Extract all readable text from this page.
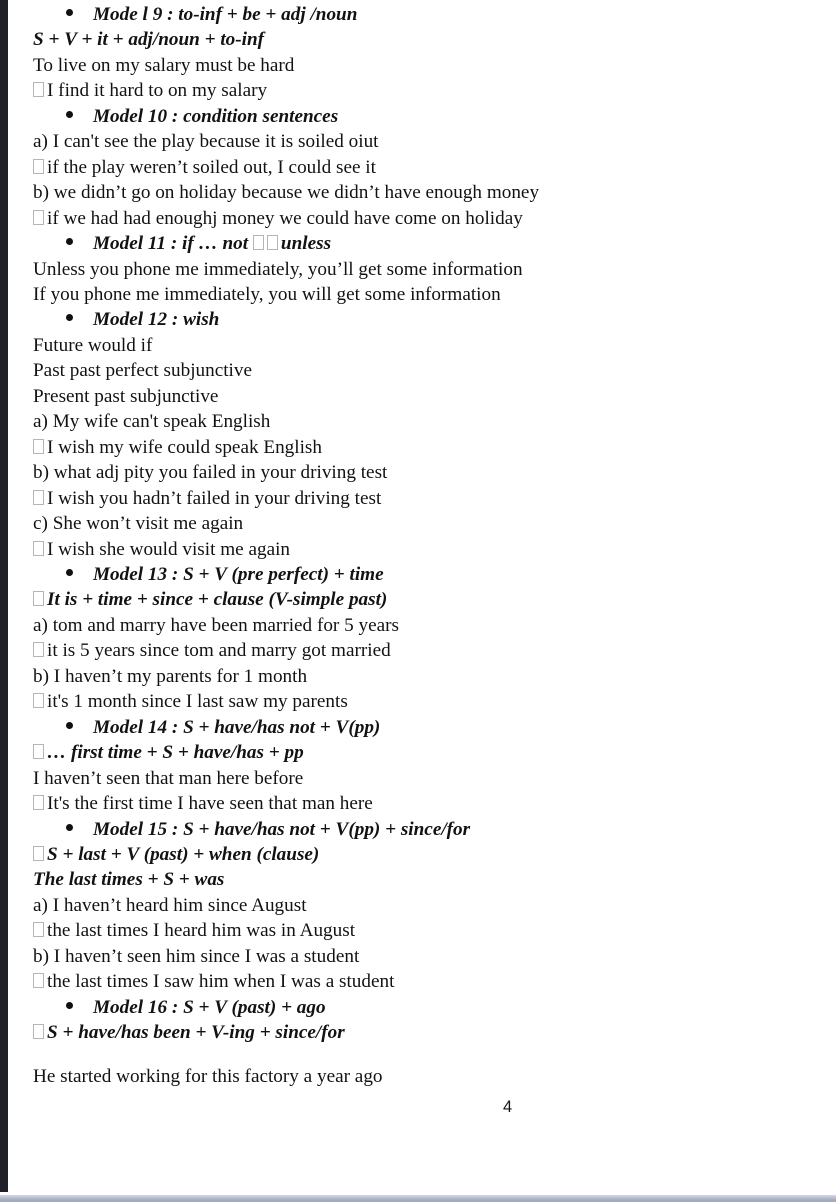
Mode l 9 : to-inf + be + adj /noun
S + V + it + adj/noun + to-inf
To live on my salary must be hard
I find it hard to on my salary
Model 10 : condition sentences
a) I can't see the play because it is soiled oiut
if the play weren’t soiled out, I could see it
b) we didn’t go on holiday because we didn’t have enough money
if we had had enoughj money we could have come on holiday
Model 11 : if … not unless
Unless you phone me immediately, you’ll get some information
If you phone me immediately, you will get some information
Model 12 : wish
Future would if
Past past perfect subjunctive
Present past subjunctive
a) My wife can't speak English
I wish my wife could speak English
b) what adj pity you failed in your driving test
I wish you hadn’t failed in your driving test
c) She won’t visit me again
I wish she would visit me again
Model 13 : S + V (pre perfect) + time
It is + time + since + clause (V-simple past)
a) tom and marry have been married for 5 years
it is 5 years since tom and marry got married
b) I haven’t my parents for 1 month
it's 1 month since I last saw my parents
Model 14 : S + have/has not + V(pp)
… first time + S + have/has + pp
I haven’t seen that man here before
It's the first time I have seen that man here
Model 15 : S + have/has not + V(pp) + since/for
S + last + V (past) + when (clause)
The last times + S + was
a) I haven’t heard him since August
the last times I heard him was in August
b) I haven’t seen him since I was a student
the last times I saw him when I was a student
Model 16 : S + V (past) + ago
S + have/has been + V-ing + since/for
He started working for this factory a year ago
4
